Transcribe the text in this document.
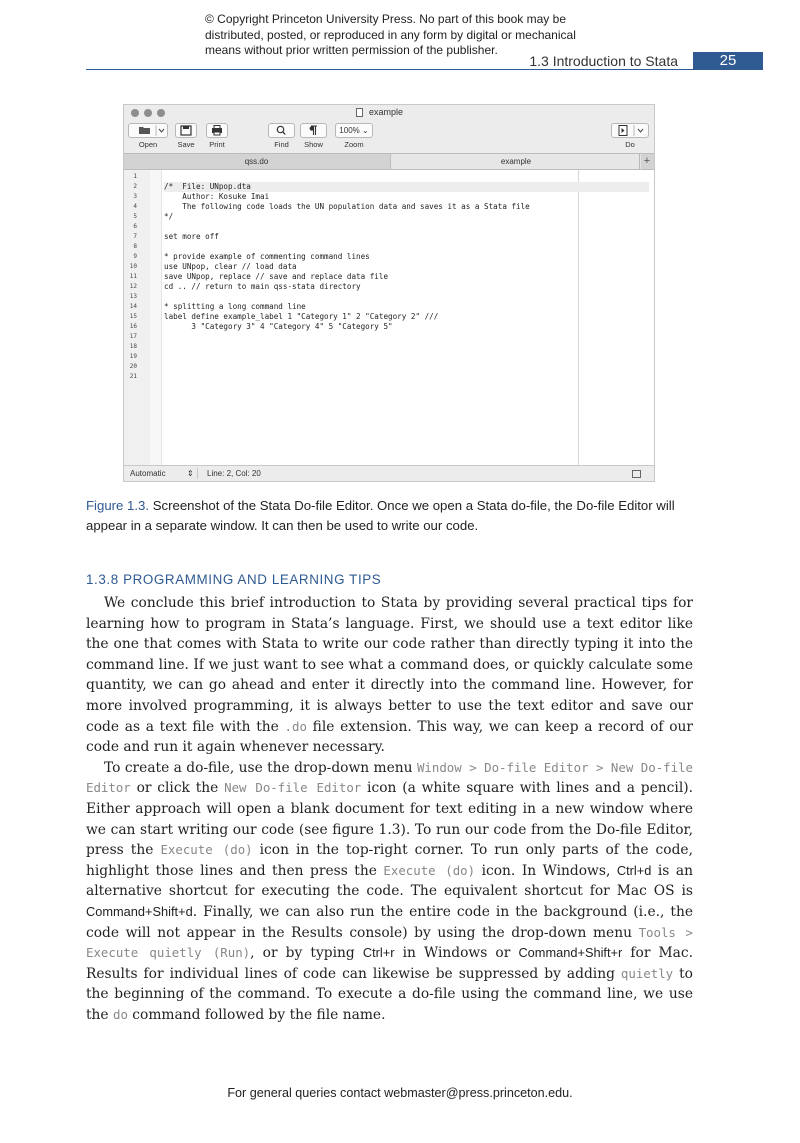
© Copyright Princeton University Press. No part of this book may be
distributed, posted, or reproduced in any form by digital or mechanical
means without prior written permission of the publisher.
1.3 Introduction to Stata	25
example
Open	Save	Print	Find	Show
100% ⌄
Zoom	Do
qss.do	example	+
1
2	/*  File: UNpop.dta
3	Author: Kosuke Imai
4	The following code loads the UN population data and saves it as a Stata file
5	*/
6
7	set more off
8
9	* provide example of commenting command lines
10	use UNpop, clear // load data
11	save UNpop, replace // save and replace data file
12	cd .. // return to main qss-stata directory
13
14	* splitting a long command line
15	label define example_label 1 "Category 1" 2 "Category 2" ///
16	3 "Category 3" 4 "Category 4" 5 "Category 5"
17
18
19
20
21
Automatic	⇕ Line: 2, Col: 20
Figure 1.3. Screenshot of the Stata Do-file Editor. Once we open a Stata do-file, the Do-file Editor will appear in a separate window. It can then be used to write our code.
1.3.8 PROGRAMMING AND LEARNING TIPS

We conclude this brief introduction to Stata by providing several practical tips for learning how to program in Stata’s language. First, we should use a text editor like the one that comes with Stata to write our code rather than directly typing it into the command line. If we just want to see what a command does, or quickly calculate some quantity, we can go ahead and enter it directly into the command line. However, for more involved programming, it is always better to use the text editor and save our code as a text file with the .do file extension. This way, we can keep a record of our code and run it again whenever necessary.

To create a do-file, use the drop-down menu Window > Do-file Editor > New Do-file Editor or click the New Do-file Editor icon (a white square with lines and a pencil). Either approach will open a blank document for text editing in a new window where we can start writing our code (see figure 1.3). To run our code from the Do-file Editor, press the Execute (do) icon in the top-right corner. To run only parts of the code, highlight those lines and then press the Execute (do) icon. In Windows, Ctrl+d is an alternative shortcut for executing the code. The equivalent shortcut for Mac OS is Command+Shift+d. Finally, we can also run the entire code in the background (i.e., the code will not appear in the Results console) by using the drop-down menu Tools > Execute quietly (Run), or by typing Ctrl+r in Windows or Command+Shift+r for Mac. Results for individual lines of code can likewise be suppressed by adding quietly to the beginning of the command. To execute a do-file using the command line, we use the do command followed by the file name.

For general queries contact webmaster@press.princeton.edu.
